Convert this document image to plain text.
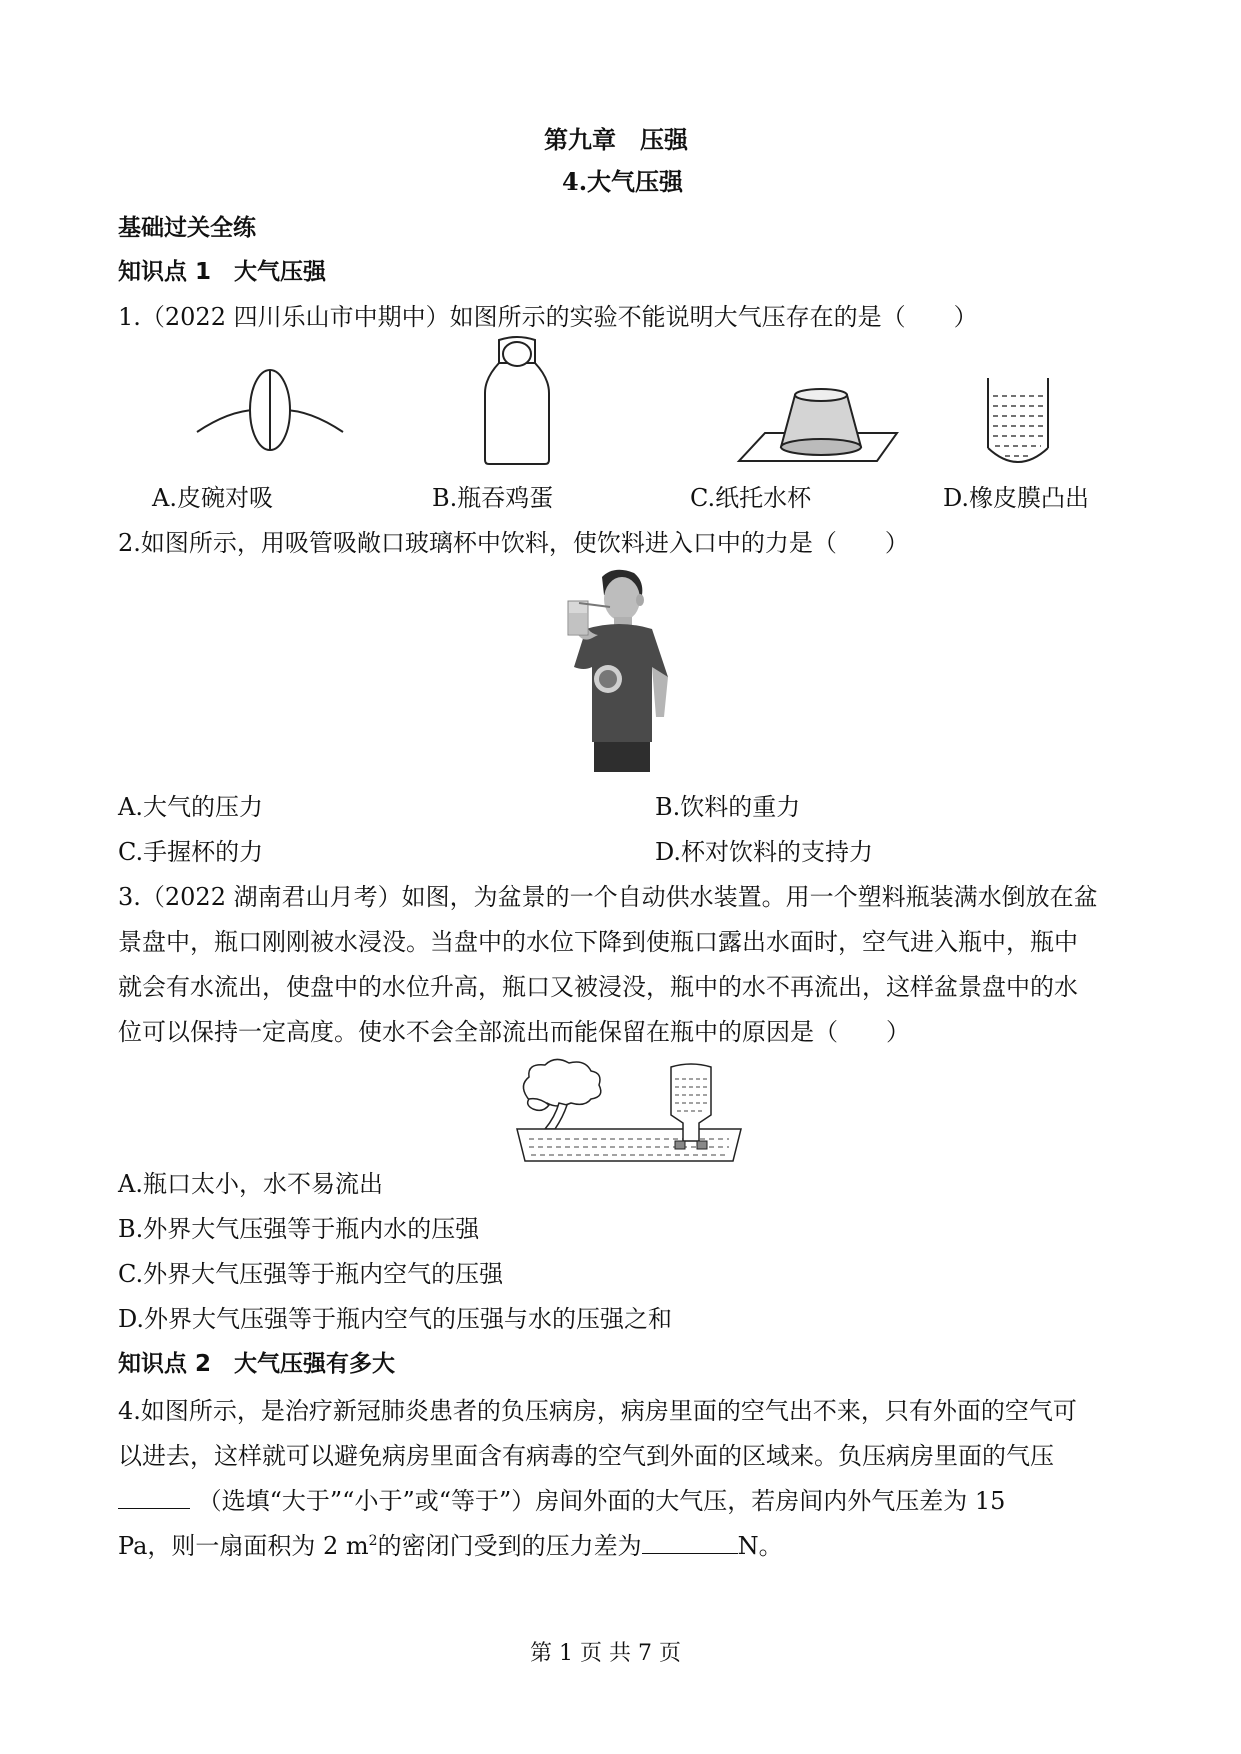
第九章　压强
4.大气压强
基础过关全练
知识点 1　大气压强
1.（2022 四川乐山市中期中）如图所示的实验不能说明大气压存在的是（　　）
A.皮碗对吸	B.瓶吞鸡蛋	C.纸托水杯	D.橡皮膜凸出
2.如图所示，用吸管吸敞口玻璃杯中饮料，使饮料进入口中的力是（　　）
A.大气的压力	B.饮料的重力
C.手握杯的力	D.杯对饮料的支持力
3.（2022 湖南君山月考）如图，为盆景的一个自动供水装置。用一个塑料瓶装满水倒放在盆
景盘中，瓶口刚刚被水浸没。当盘中的水位下降到使瓶口露出水面时，空气进入瓶中，瓶中
就会有水流出，使盘中的水位升高，瓶口又被浸没，瓶中的水不再流出，这样盆景盘中的水
位可以保持一定高度。使水不会全部流出而能保留在瓶中的原因是（　　）
A.瓶口太小，水不易流出
B.外界大气压强等于瓶内水的压强
C.外界大气压强等于瓶内空气的压强
D.外界大气压强等于瓶内空气的压强与水的压强之和
知识点 2　大气压强有多大
4.如图所示，是治疗新冠肺炎患者的负压病房，病房里面的空气出不来，只有外面的空气可
以进去，这样就可以避免病房里面含有病毒的空气到外面的区域来。负压病房里面的气压
（选填“大于”“小于”或“等于”）房间外面的大气压，若房间内外气压差为 15
Pa，则一扇面积为 2 $m^2$的密闭门受到的压力差为	N。
第 1 页 共 7 页
